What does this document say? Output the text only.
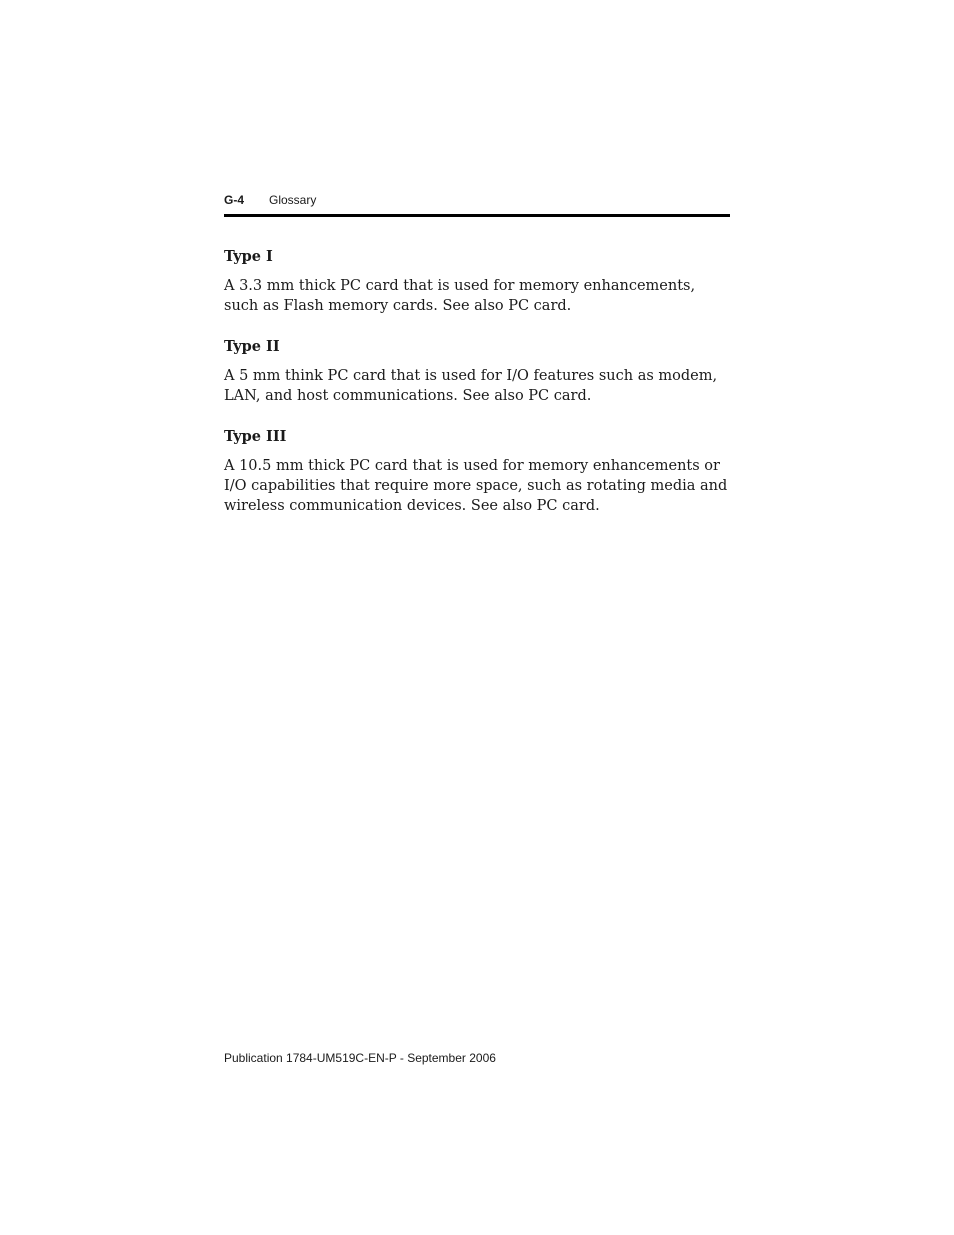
G-4 Glossary
Type I

A 3.3 mm thick PC card that is used for memory enhancements, such as Flash memory cards. See also PC card.

Type II

A 5 mm think PC card that is used for I/O features such as modem, LAN, and host communications. See also PC card.

Type III

A 10.5 mm thick PC card that is used for memory enhancements or I/O capabilities that require more space, such as rotating media and wireless communication devices. See also PC card.

Publication 1784-UM519C-EN-P - September 2006
